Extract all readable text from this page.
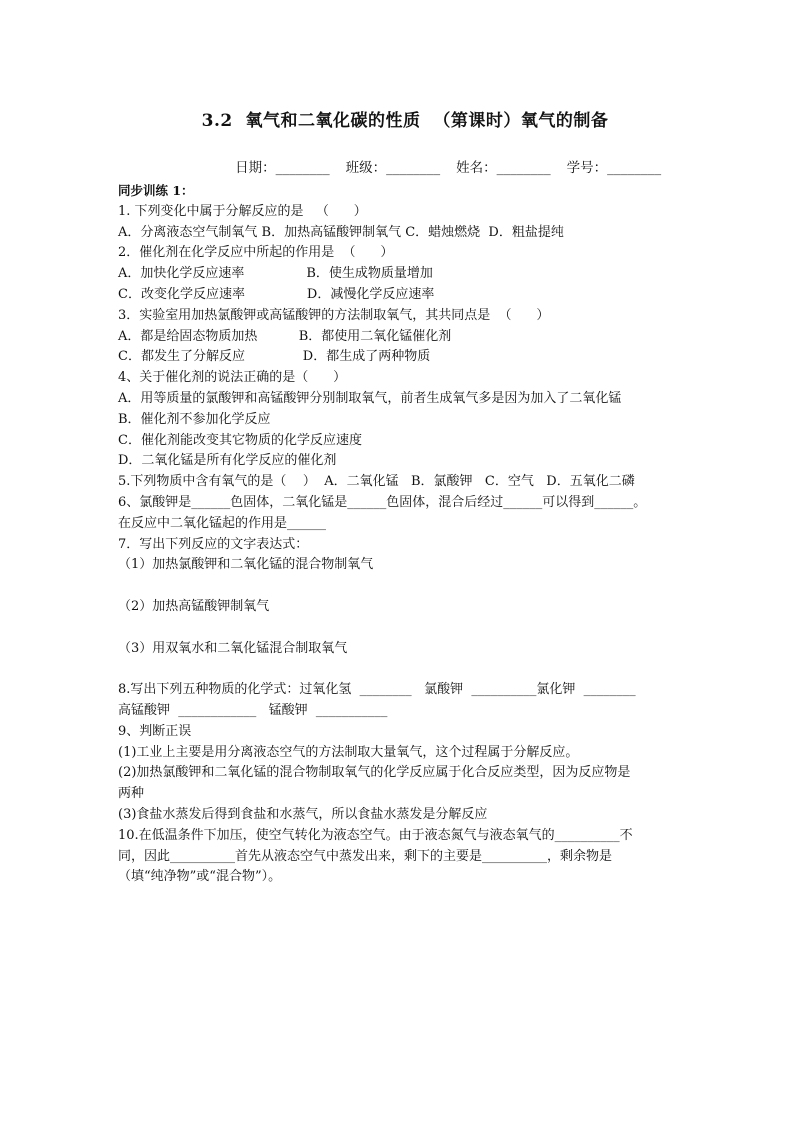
3.2  氧气和二氧化碳的性质  （第课时）氧气的制备

日期：________ 班级：________ 姓名：________ 学号：________

同步训练 1：
1. 下列变化中属于分解反应的是   （      ）
A．分离液态空气制氧气 B．加热高锰酸钾制氧气 C．蜡烛燃烧  D．粗盐提纯
2．催化剂在化学反应中所起的作用是  （      ）
A．加快化学反应速率               B．使生成物质量增加
C．改变化学反应速率               D．减慢化学反应速率
3．实验室用加热氯酸钾或高锰酸钾的方法制取氧气，其共同点是  （      ）
A．都是给固态物质加热          B．都使用二氧化锰催化剂
C．都发生了分解反应              D．都生成了两种物质
4、关于催化剂的说法正确的是（      ）
A．用等质量的氯酸钾和高锰酸钾分别制取氧气，前者生成氧气多是因为加入了二氧化锰
B．催化剂不参加化学反应
C．催化剂能改变其它物质的化学反应速度
D．二氧化锰是所有化学反应的催化剂
5.下列物质中含有氧气的是（    ）  A．二氧化锰   B．氯酸钾   C．空气   D．五氧化二磷
6、氯酸钾是______色固体，二氧化锰是______色固体，混合后经过______可以得到______。
在反应中二氧化锰起的作用是______
7．写出下列反应的文字表达式：
（1）加热氯酸钾和二氧化锰的混合物制氧气
（2）加热高锰酸钾制氧气
（3）用双氧水和二氧化锰混合制取氧气
8.写出下列五种物质的化学式：过氧化氢  ________   氯酸钾  __________氯化钾  ________
高锰酸钾  ____________   锰酸钾  ___________
9、判断正误
(1)工业上主要是用分离液态空气的方法制取大量氧气，这个过程属于分解反应。
(2)加热氯酸钾和二氧化锰的混合物制取氧气的化学反应属于化合反应类型，因为反应物是
两种
(3)食盐水蒸发后得到食盐和水蒸气，所以食盐水蒸发是分解反应
10.在低温条件下加压，使空气转化为液态空气。由于液态氮气与液态氧气的__________不
同，因此__________首先从液态空气中蒸发出来，剩下的主要是__________，剩余物是
（填“纯净物”或“混合物”）。
